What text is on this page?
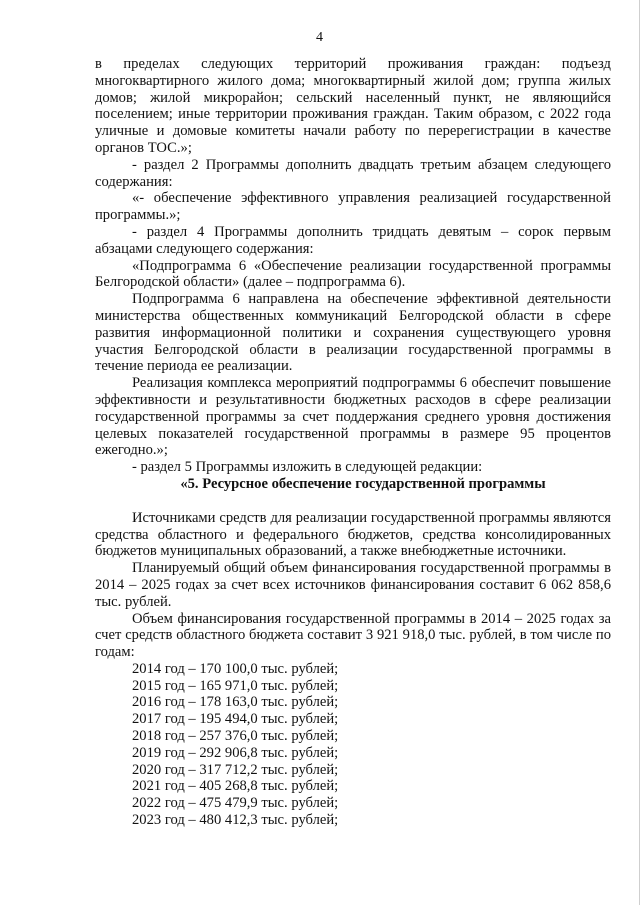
4

в пределах следующих территорий проживания граждан: подъезд многоквартирного жилого дома; многоквартирный жилой дом; группа жилых домов; жилой микрорайон; сельский населенный пункт, не являющийся поселением; иные территории проживания граждан. Таким образом, с 2022 года уличные и домовые комитеты начали работу по перерегистрации в качестве органов ТОС.»;

- раздел 2 Программы дополнить двадцать третьим абзацем следующего содержания:

«- обеспечение эффективного управления реализацией государственной программы.»;

- раздел 4 Программы дополнить тридцать девятым – сорок первым абзацами следующего содержания:

«Подпрограмма 6 «Обеспечение реализации государственной программы Белгородской области» (далее – подпрограмма 6).

Подпрограмма 6 направлена на обеспечение эффективной деятельности министерства общественных коммуникаций Белгородской области в сфере развития информационной политики и сохранения существующего уровня участия Белгородской области в реализации государственной программы в течение периода ее реализации.

Реализация комплекса мероприятий подпрограммы 6 обеспечит повышение эффективности и результативности бюджетных расходов в сфере реализации государственной программы за счет поддержания среднего уровня достижения целевых показателей государственной программы в размере 95 процентов ежегодно.»;

- раздел 5 Программы изложить в следующей редакции:

«5. Ресурсное обеспечение государственной программы

Источниками средств для реализации государственной программы являются средства областного и федерального бюджетов, средства консолидированных бюджетов муниципальных образований, а также внебюджетные источники.

Планируемый общий объем финансирования государственной программы в 2014 – 2025 годах за счет всех источников финансирования составит 6 062 858,6 тыс. рублей.

Объем финансирования государственной программы в 2014 – 2025 годах за счет средств областного бюджета составит 3 921 918,0 тыс. рублей, в том числе по годам:

2014 год – 170 100,0 тыс. рублей;
2015 год – 165 971,0 тыс. рублей;
2016 год – 178 163,0 тыс. рублей;
2017 год – 195 494,0 тыс. рублей;
2018 год – 257 376,0 тыс. рублей;
2019 год – 292 906,8 тыс. рублей;
2020 год – 317 712,2 тыс. рублей;
2021 год – 405 268,8 тыс. рублей;
2022 год – 475 479,9 тыс. рублей;
2023 год – 480 412,3 тыс. рублей;
